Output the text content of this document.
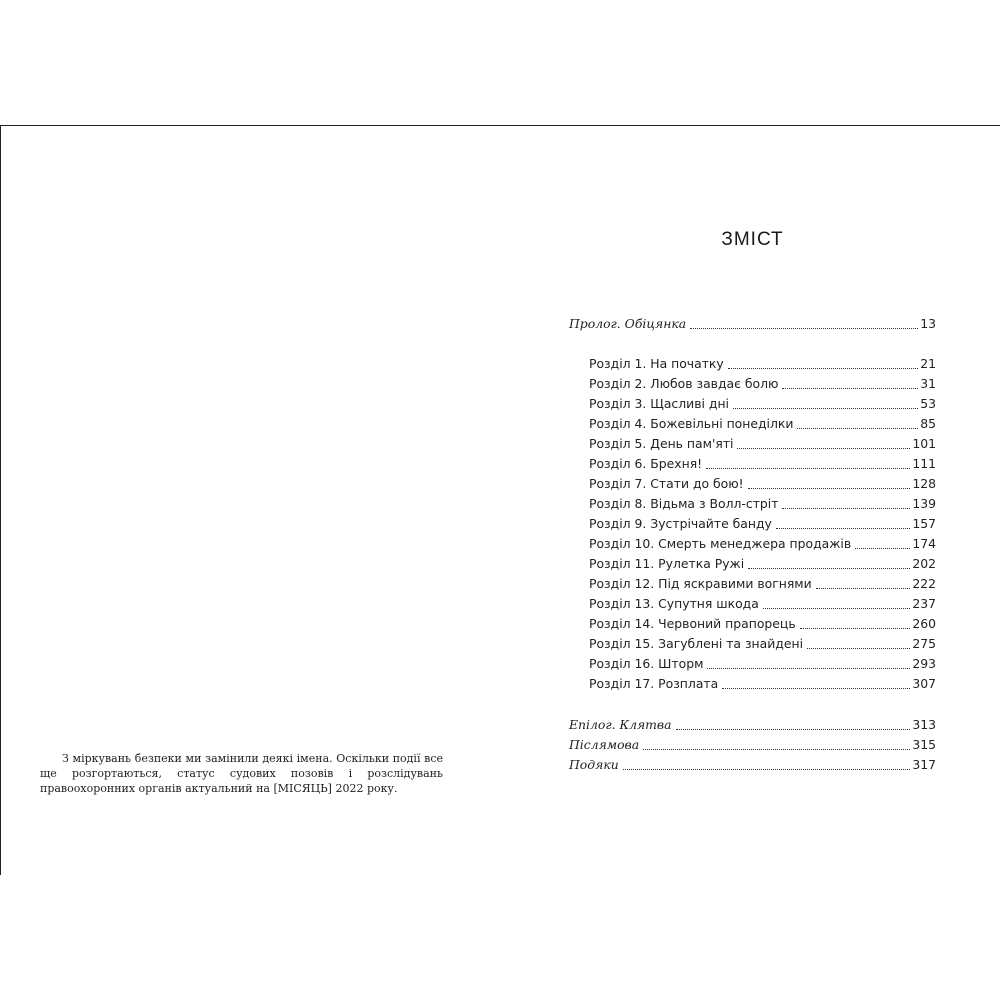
З міркувань безпеки ми замінили деякі імена. Оскільки події все ще розгортаються, статус судових позовів і розслідувань правоохоронних органів актуальний на [МІСЯЦЬ] 2022 року.

ЗМІСТ
Пролог. Обіцянка	13
Розділ 1. На початку	21
Розділ 2. Любов завдає болю	31
Розділ 3. Щасливі дні	53
Розділ 4. Божевільні понеділки	85
Розділ 5. День пам'яті	101
Розділ 6. Брехня!	111
Розділ 7. Стати до бою!	128
Розділ 8. Відьма з Волл-стріт	139
Розділ 9. Зустрічайте банду	157
Розділ 10. Смерть менеджера продажів	174
Розділ 11. Рулетка Ружі	202
Розділ 12. Під яскравими вогнями	222
Розділ 13. Супутня шкода	237
Розділ 14. Червоний прапорець	260
Розділ 15. Загублені та знайдені	275
Розділ 16. Шторм	293
Розділ 17. Розплата	307
Епілог. Клятва	313
Післямова	315
Подяки	317
